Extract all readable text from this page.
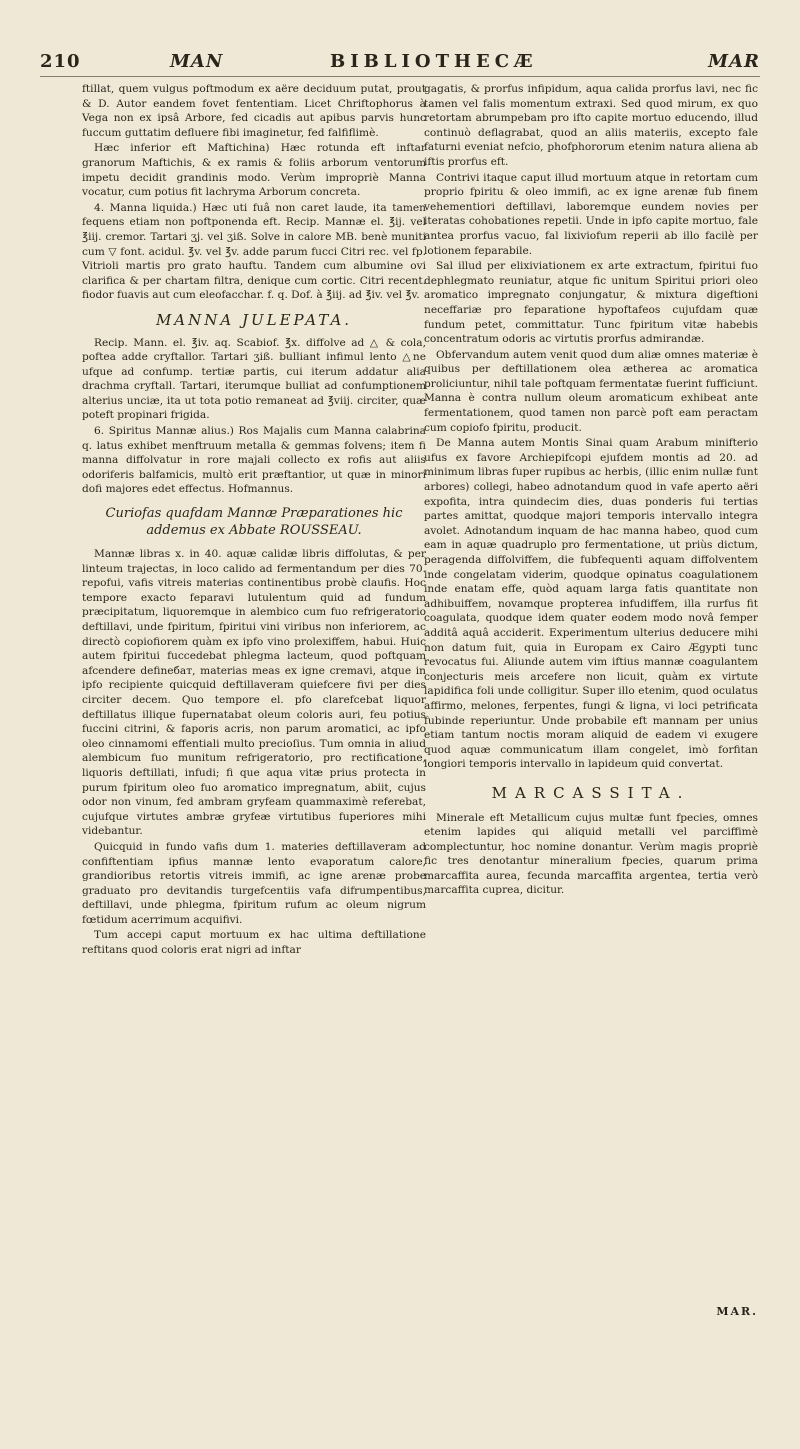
210	MAN	BIBLIOTHECÆ	MAR

ftillat, quem vulgus poftmodum ex aëre deciduum putat, prout & D. Autor eandem fovet fententiam. Licet Chriftophorus à Vega non ex ipsâ Arbore, fed cicadis aut apibus parvis hunc fuccum guttatim defluere fibi imaginetur, fed falfiflimè.

Hæc inferior eft Maftichina) Hæc rotunda eft inftar granorum Maftichis, & ex ramis & foliis arborum ventorum impetu decidit grandinis modo. Verùm impropriè Manna vocatur, cum potius fit lachryma Arborum concreta.

4. Manna liquida.) Hæc uti fuâ non caret laude, ita tamen fequens etiam non poftponenda eft. Recip. Mannæ el. ℥ij. vel ℥iij. cremor. Tartari ʒj. vel ʒiß. Solve in calore MB. benè muniti cum ▽ font. acidul. ℥v. vel ℥v. adde parum fucci Citri rec. vel fp. Vitrioli martis pro grato hauftu. Tandem cum albumine ovi clarifica & per chartam filtra, denique cum cortic. Citri recent. fiodor fuavis aut cum eleofacchar. f. q. Dof. à ℥iij. ad ℥iv. vel ℥v.

MANNA JULEPATA.

Recip. Mann. el. ℥iv. aq. Scabiof. ℥x. diffolve ad △ & cola, poftea adde cryftallor. Tartari ʒiß. bulliant infimul lento △ne ufque ad confump. tertiæ partis, cui iterum addatur alia drachma cryftall. Tartari, iterumque bulliat ad confumptionem alterius unciæ, ita ut tota potio remaneat ad ℥viij. circiter, quæ poteft propinari frigida.

6. Spiritus Mannæ alius.) Ros Majalis cum Manna calabrina q. latus exhibet menftruum metalla & gemmas folvens; item fi manna diffolvatur in rore majali collecto ex rofis aut aliis odoriferis balfamicis, multò erit præftantior, ut quæ in minori dofi majores edet effectus. Hofmannus.

Curiofas quafdam Mannæ Præparationes hic addemus ex Abbate ROUSSEAU.

Mannæ libras x. in 40. aquæ calidæ libris diffolutas, & per linteum trajectas, in loco calido ad fermentandum per dies 70. repofui, vafis vitreis materias continentibus probè claufis. Hoc tempore exacto feparavi lutulentum quid ad fundum præcipitatum, liquoremque in alembico cum fuo refrigeratorio deftillavi, unde fpiritum, fpiritui vini viribus non inferiorem, ac directò copiofiorem quàm ex ipfo vino prolexiffem, habui. Huic autem fpiritui fuccedebat phlegma lacteum, quod poftquam afcendere defineбат, materias meas ex igne cremavi, atque in ipfo recipiente quicquid deftillaveram quiefcere fivi per dies circiter decem. Quo tempore el. pfo clarefcebat liquor deftillatus illique fupernatabat oleum coloris auri, feu potius fuccini citrini, & faporis acris, non parum aromatici, ac ipfo oleo cinnamomi effentiali multo precioſius. Tum omnia in aliud alembicum fuo munitum refrigeratorio, pro rectificatione, liquoris deftillati, infudi; fi que aqua vitæ prius protecta in purum fpiritum oleo fuo aromatico impregnatum, abiit, cujus odor non vinum, fed ambram gryfeam quammaximè referebat, cujufque virtutes ambræ gryfeæ virtutibus fuperiores mihi videbantur.

Quicquid in fundo vafis dum 1. materies deftillaveram ad confiftentiam ipfius mannæ lento evaporatum calore, grandioribus retortis vitreis immifi, ac igne arenæ probe graduato pro devitandis turgefcentiis vafa difrumpentibus, deftillavi, unde phlegma, fpiritum rufum ac oleum nigrum fœtidum acerrimum acquifivi.

Tum accepi caput mortuum ex hac ultima deftillatione reftitans quod coloris erat nigri ad inftar

gagatis, & prorfus infipidum, aqua calida prorfus lavi, nec fic tamen vel falis momentum extraxi. Sed quod mirum, ex quo retortam abrumpebam pro ifto capite mortuo educendo, illud continuò deflagrabat, quod an aliis materiis, excepto fale faturni eveniat nefcio, phofphororum etenim natura aliena ab iftis prorfus eft.

Contrivi itaque caput illud mortuum atque in retortam cum proprio fpiritu & oleo immifi, ac ex igne arenæ fub finem vehementiori deftillavi, laboremque eundem novies per iteratas cohobationes repetii. Unde in ipfo capite mortuo, fale antea prorfus vacuo, fal lixiviofum reperii ab illo facilè per lotionem feparabile.

Sal illud per elixiviationem ex arte extractum, fpiritui fuo dephlegmato reuniatur, atque fic unitum Spiritui priori oleo aromatico impregnato conjungatur, & mixtura digeftioni neceffariæ pro feparatione hypoftafeos cujufdam quæ fundum petet, committatur. Tunc fpiritum vitæ habebis concentratum odoris ac virtutis prorfus admirandæ.

Obfervandum autem venit quod dum aliæ omnes materiæ è quibus per deftillationem olea ætherea ac aromatica proliciuntur, nihil tale poftquam fermentatæ fuerint fufficiunt. Manna è contra nullum oleum aromaticum exhibeat ante fermentationem, quod tamen non parcè poft eam peractam cum copiofo fpiritu, producit.

De Manna autem Montis Sinai quam Arabum minifterio ufus ex favore Archiepifcopi ejufdem montis ad 20. ad minimum libras fuper rupibus ac herbis, (illic enim nullæ funt arbores) collegi, habeo adnotandum quod in vafe aperto aëri expofita, intra quindecim dies, duas ponderis fui tertias partes amittat, quodque majori temporis intervallo integra avolet. Adnotandum inquam de hac manna habeo, quod cum eam in aquæ quadruplo pro fermentatione, ut priùs dictum, peragenda diffolviffem, die fubfequenti aquam diffolventem inde congelatam viderim, quodque opinatus coagulationem inde enatam effe, quòd aquam larga fatis quantitate non adhibuiffem, novamque propterea infudiffem, illa rurfus fit coagulata, quodque idem quater eodem modo novâ femper additâ aquâ acciderit. Experimentum ulterius deducere mihi non datum fuit, quia in Europam ex Cairo Ægypti tunc revocatus fui. Aliunde autem vim iftius mannæ coagulantem conjecturis meis arcefere non licuit, quàm ex virtute lapidifica foli unde colligitur. Super illo etenim, quod oculatus affirmo, melones, ferpentes, fungi & ligna, vi loci petrificata fubinde reperiuntur. Unde probabile eft mannam per unius etiam tantum noctis moram aliquid de eadem vi exugere quod aquæ communicatum illam congelet, imò forfitan longiori temporis intervallo in lapideum quid convertat.

MARCASSITA.

Minerale eft Metallicum cujus multæ funt fpecies, omnes etenim lapides qui aliquid metalli vel parciffimè complectuntur, hoc nomine donantur. Verùm magis propriè fic tres denotantur mineralium fpecies, quarum prima marcaffita aurea, fecunda marcaffita argentea, tertia verò marcaffita cuprea, dicitur.

MAR.
